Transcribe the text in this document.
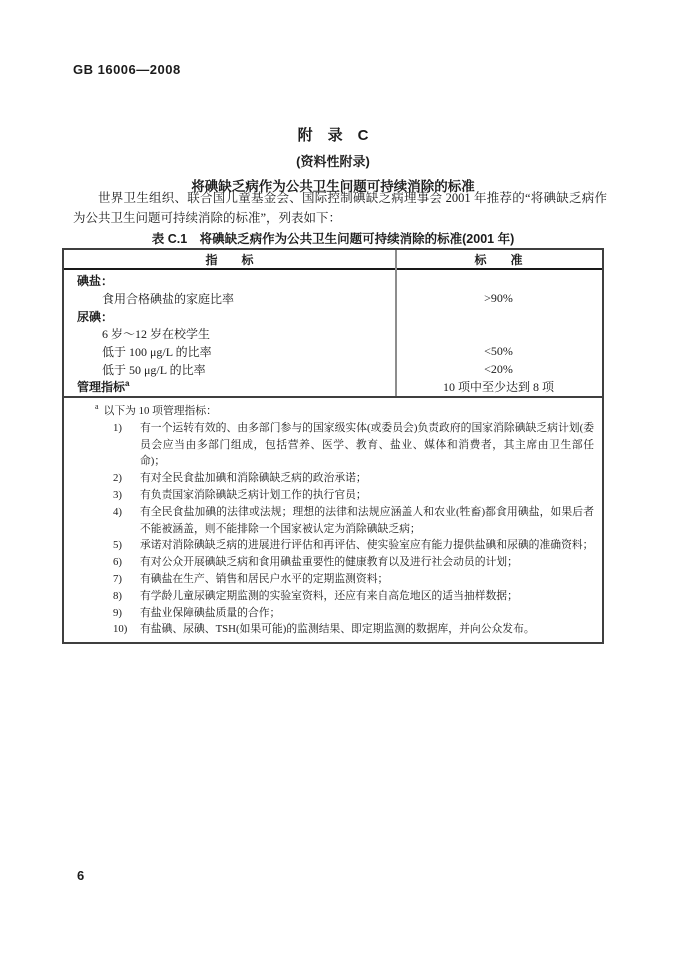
GB 16006—2008

附　录　C

(资料性附录)

将碘缺乏病作为公共卫生问题可持续消除的标准

世界卫生组织、联合国儿童基金会、国际控制碘缺乏病理事会 2001 年推荐的“将碘缺乏病作为公共卫生问题可持续消除的标准”，列表如下：
表 C.1　将碘缺乏病作为公共卫生问题可持续消除的标准(2001 年)
指　　标	标　　准
碘盐：
食用合格碘盐的家庭比率	>90%
尿碘：
6 岁～12 岁在校学生
低于 100 μg/L 的比率	<50%
低于 50 μg/L 的比率	<20%
管理指标$^a$	10 项中至少达到 8 项
$^a$ 以下为 10 项管理指标：
1)	有一个运转有效的、由多部门参与的国家级实体(或委员会)负责政府的国家消除碘缺乏病计划(委员会应当由多部门组成，包括营养、医学、教育、盐业、媒体和消费者，其主席由卫生部任命)；
2)	有对全民食盐加碘和消除碘缺乏病的政治承诺；
3)	有负责国家消除碘缺乏病计划工作的执行官员；
4)	有全民食盐加碘的法律或法规；理想的法律和法规应涵盖人和农业(牲畜)都食用碘盐，如果后者不能被涵盖，则不能排除一个国家被认定为消除碘缺乏病；
5)	承诺对消除碘缺乏病的进展进行评估和再评估、使实验室应有能力提供盐碘和尿碘的准确资料；
6)	有对公众开展碘缺乏病和食用碘盐重要性的健康教育以及进行社会动员的计划；
7)	有碘盐在生产、销售和居民户水平的定期监测资料；
8)	有学龄儿童尿碘定期监测的实验室资料，还应有来自高危地区的适当抽样数据；
9)	有盐业保障碘盐质量的合作；
10)	有盐碘、尿碘、TSH(如果可能)的监测结果、即定期监测的数据库，并向公众发布。
6
